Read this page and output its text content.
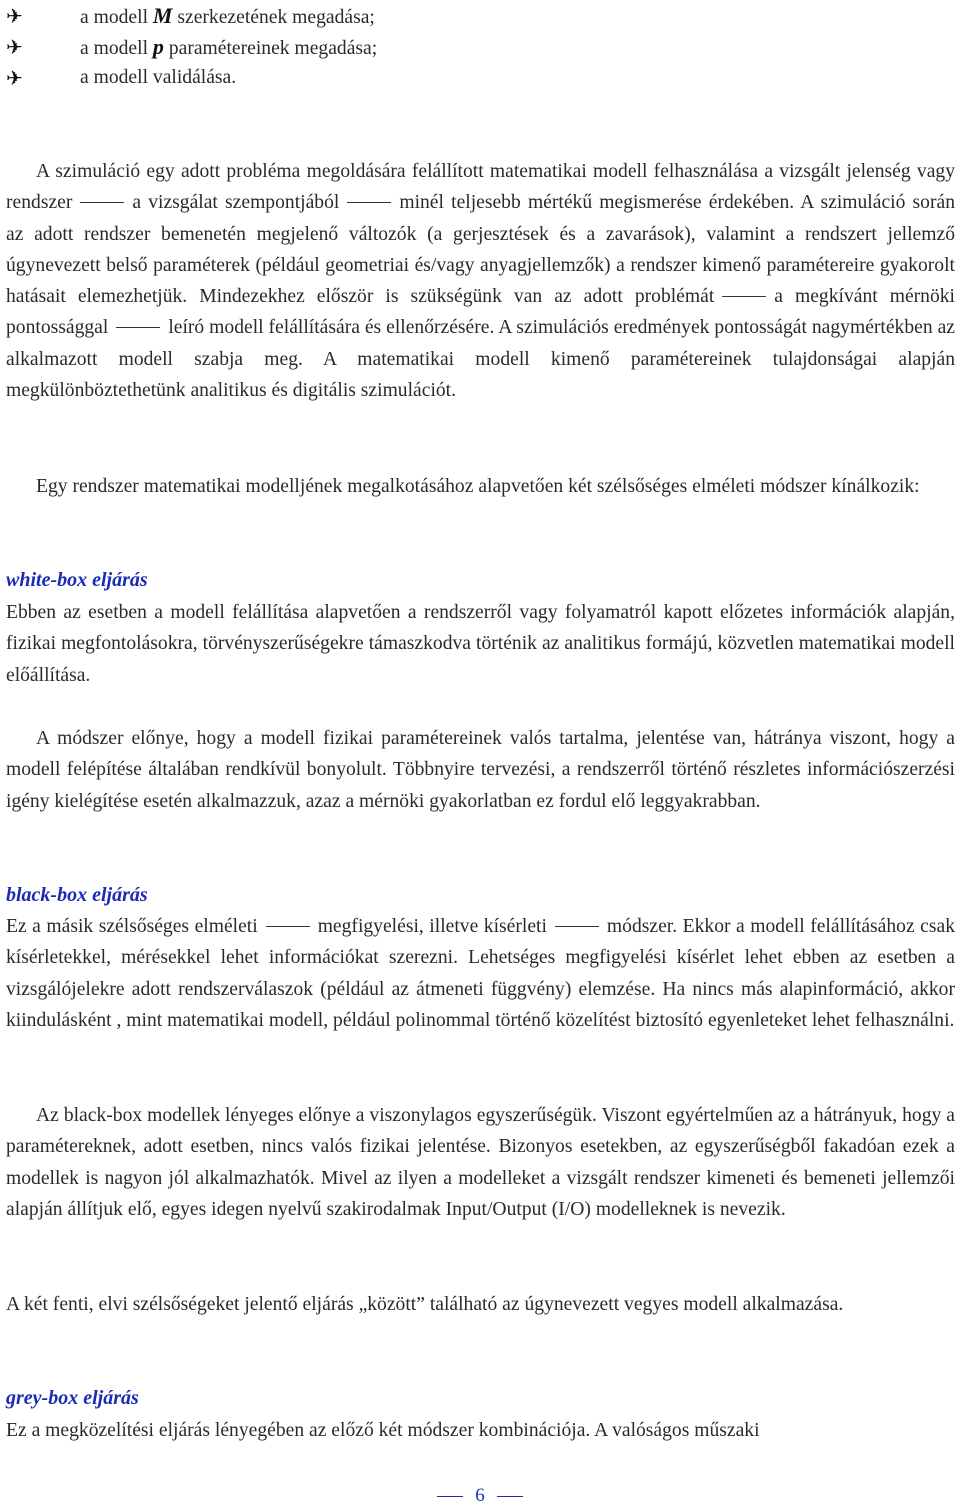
✈	a modell M szerkezetének megadása;
✈	a modell p paramétereinek megadása;
✈	a modell validálása.

A szimuláció egy adott probléma megoldására felállított matematikai modell felhasználása a vizsgált jelenség vagy rendszer	a vizsgálat szempontjából	minél teljesebb mértékű megismerése érdekében. A szimuláció során az adott rendszer bemenetén megjelenő változók (a gerjesztések és a zavarások), valamint a rendszert jellemző úgynevezett belső paraméterek (például geometriai és/vagy anyagjellemzők) a rendszer kimenő paramétereire gyakorolt hatásait elemezhetjük. Mindezekhez először is szükségünk van az adott problémát	a megkívánt mérnöki pontossággal	leíró modell felállítására és ellenőrzésére. A szimulációs eredmények pontosságát nagymértékben az alkalmazott modell szabja meg. A matematikai modell kimenő paramétereinek tulajdonságai alapján megkülönböztethetünk analitikus és digitális szimulációt.

Egy rendszer matematikai modelljének megalkotásához alapvetően két szélsőséges elméleti módszer kínálkozik:

white-box eljárás

Ebben az esetben a modell felállítása alapvetően a rendszerről vagy folyamatról kapott előzetes információk alapján, fizikai megfontolásokra, törvényszerűségekre támaszkodva történik az analitikus formájú, közvetlen matematikai modell előállítása.

A módszer előnye, hogy a modell fizikai paramétereinek valós tartalma, jelentése van, hátránya viszont, hogy a modell felépítése általában rendkívül bonyolult. Többnyire tervezési, a rendszerről történő részletes információszerzési igény kielégítése esetén alkalmazzuk, azaz a mérnöki gyakorlatban ez fordul elő leggyakrabban.

black-box eljárás

Ez a másik szélsőséges elméleti	megfigyelési, illetve kísérleti	módszer. Ekkor a modell felállításához csak kísérletekkel, mérésekkel lehet információkat szerezni. Lehetséges megfigyelési kísérlet lehet ebben az esetben a vizsgálójelekre adott rendszerválaszok (például az átmeneti függvény) elemzése. Ha nincs más alapinformáció, akkor kiindulásként , mint matematikai modell, például polinommal történő közelítést biztosító egyenleteket lehet felhasználni.

Az black-box modellek lényeges előnye a viszonylagos egyszerűségük. Viszont egyértelműen az a hátrányuk, hogy a paramétereknek, adott esetben, nincs valós fizikai jelentése. Bizonyos esetekben, az egyszerűségből fakadóan ezek a modellek is nagyon jól alkalmazhatók. Mivel az ilyen a modelleket a vizsgált rendszer kimeneti és bemeneti jellemzői alapján állítjuk elő, egyes idegen nyelvű szakirodalmak Input/Output (I/O) modelleknek is nevezik.

A két fenti, elvi szélsőségeket jelentő eljárás „között” található az úgynevezett vegyes modell alkalmazása.

grey-box eljárás

Ez a megközelítési eljárás lényegében az előző két módszer kombinációja. A valóságos műszaki

6
